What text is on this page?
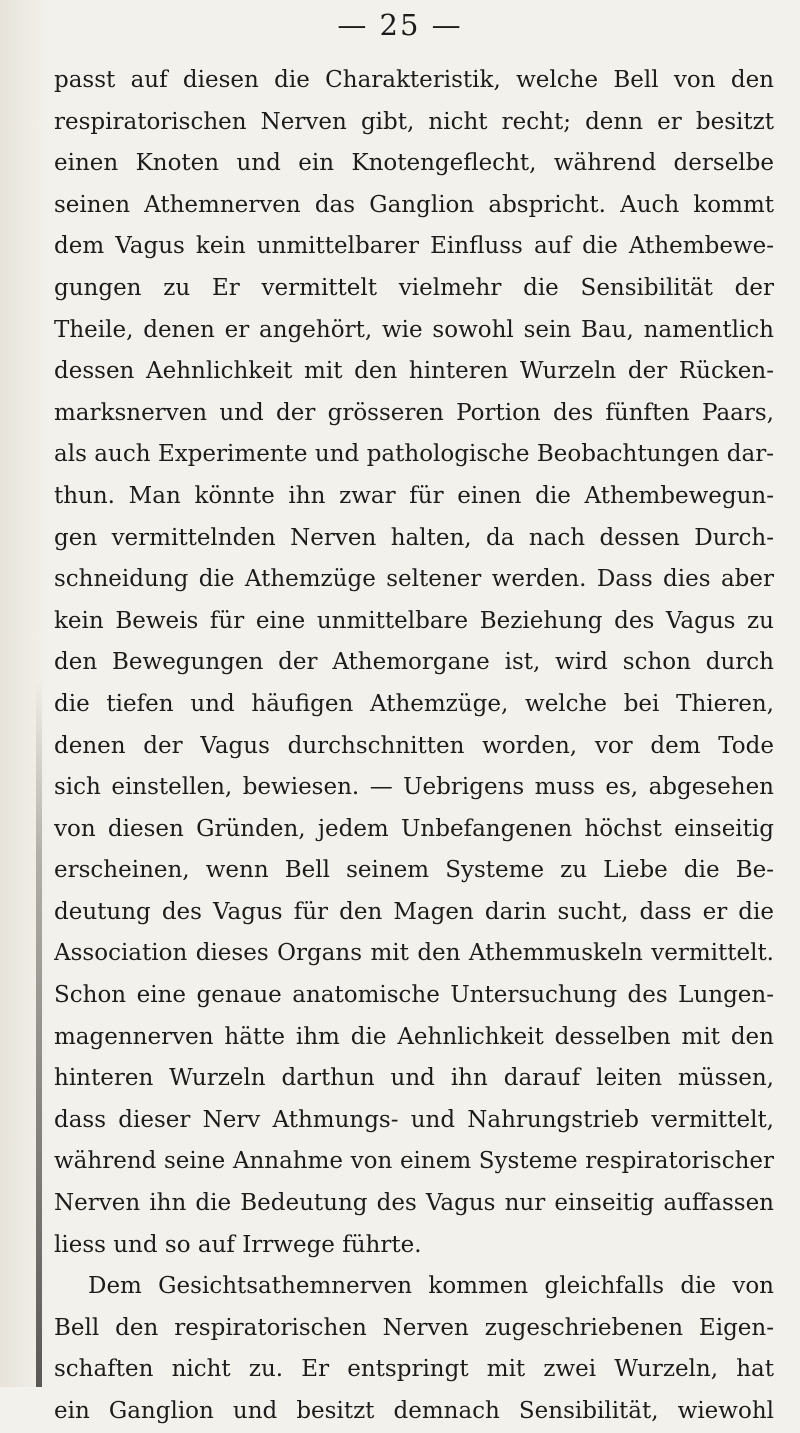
— 25 —
passt auf diesen die Charakteristik, welche Bell von den
respiratorischen Nerven gibt, nicht recht; denn er besitzt
einen Knoten und ein Knotengeflecht, während derselbe
seinen Athemnerven das Ganglion abspricht. Auch kommt
dem Vagus kein unmittelbarer Einfluss auf die Athembewe-
gungen zu Er vermittelt vielmehr die Sensibilität der
Theile, denen er angehört, wie sowohl sein Bau, namentlich
dessen Aehnlichkeit mit den hinteren Wurzeln der Rücken-
marksnerven und der grösseren Portion des fünften Paars,
als auch Experimente und pathologische Beobachtungen dar-
thun. Man könnte ihn zwar für einen die Athembewegun-
gen vermittelnden Nerven halten, da nach dessen Durch-
schneidung die Athemzüge seltener werden. Dass dies aber
kein Beweis für eine unmittelbare Beziehung des Vagus zu
den Bewegungen der Athemorgane ist, wird schon durch
die tiefen und häufigen Athemzüge, welche bei Thieren,
denen der Vagus durchschnitten worden, vor dem Tode
sich einstellen, bewiesen. — Uebrigens muss es, abgesehen
von diesen Gründen, jedem Unbefangenen höchst einseitig
erscheinen, wenn Bell seinem Systeme zu Liebe die Be-
deutung des Vagus für den Magen darin sucht, dass er die
Association dieses Organs mit den Athemmuskeln vermittelt.
Schon eine genaue anatomische Untersuchung des Lungen-
magennerven hätte ihm die Aehnlichkeit desselben mit den
hinteren Wurzeln darthun und ihn darauf leiten müssen,
dass dieser Nerv Athmungs- und Nahrungstrieb vermittelt,
während seine Annahme von einem Systeme respiratorischer
Nerven ihn die Bedeutung des Vagus nur einseitig auffassen
liess und so auf Irrwege führte.
Dem Gesichtsathemnerven kommen gleichfalls die von
Bell den respiratorischen Nerven zugeschriebenen Eigen-
schaften nicht zu. Er entspringt mit zwei Wurzeln, hat
ein Ganglion und besitzt demnach Sensibilität, wiewohl
